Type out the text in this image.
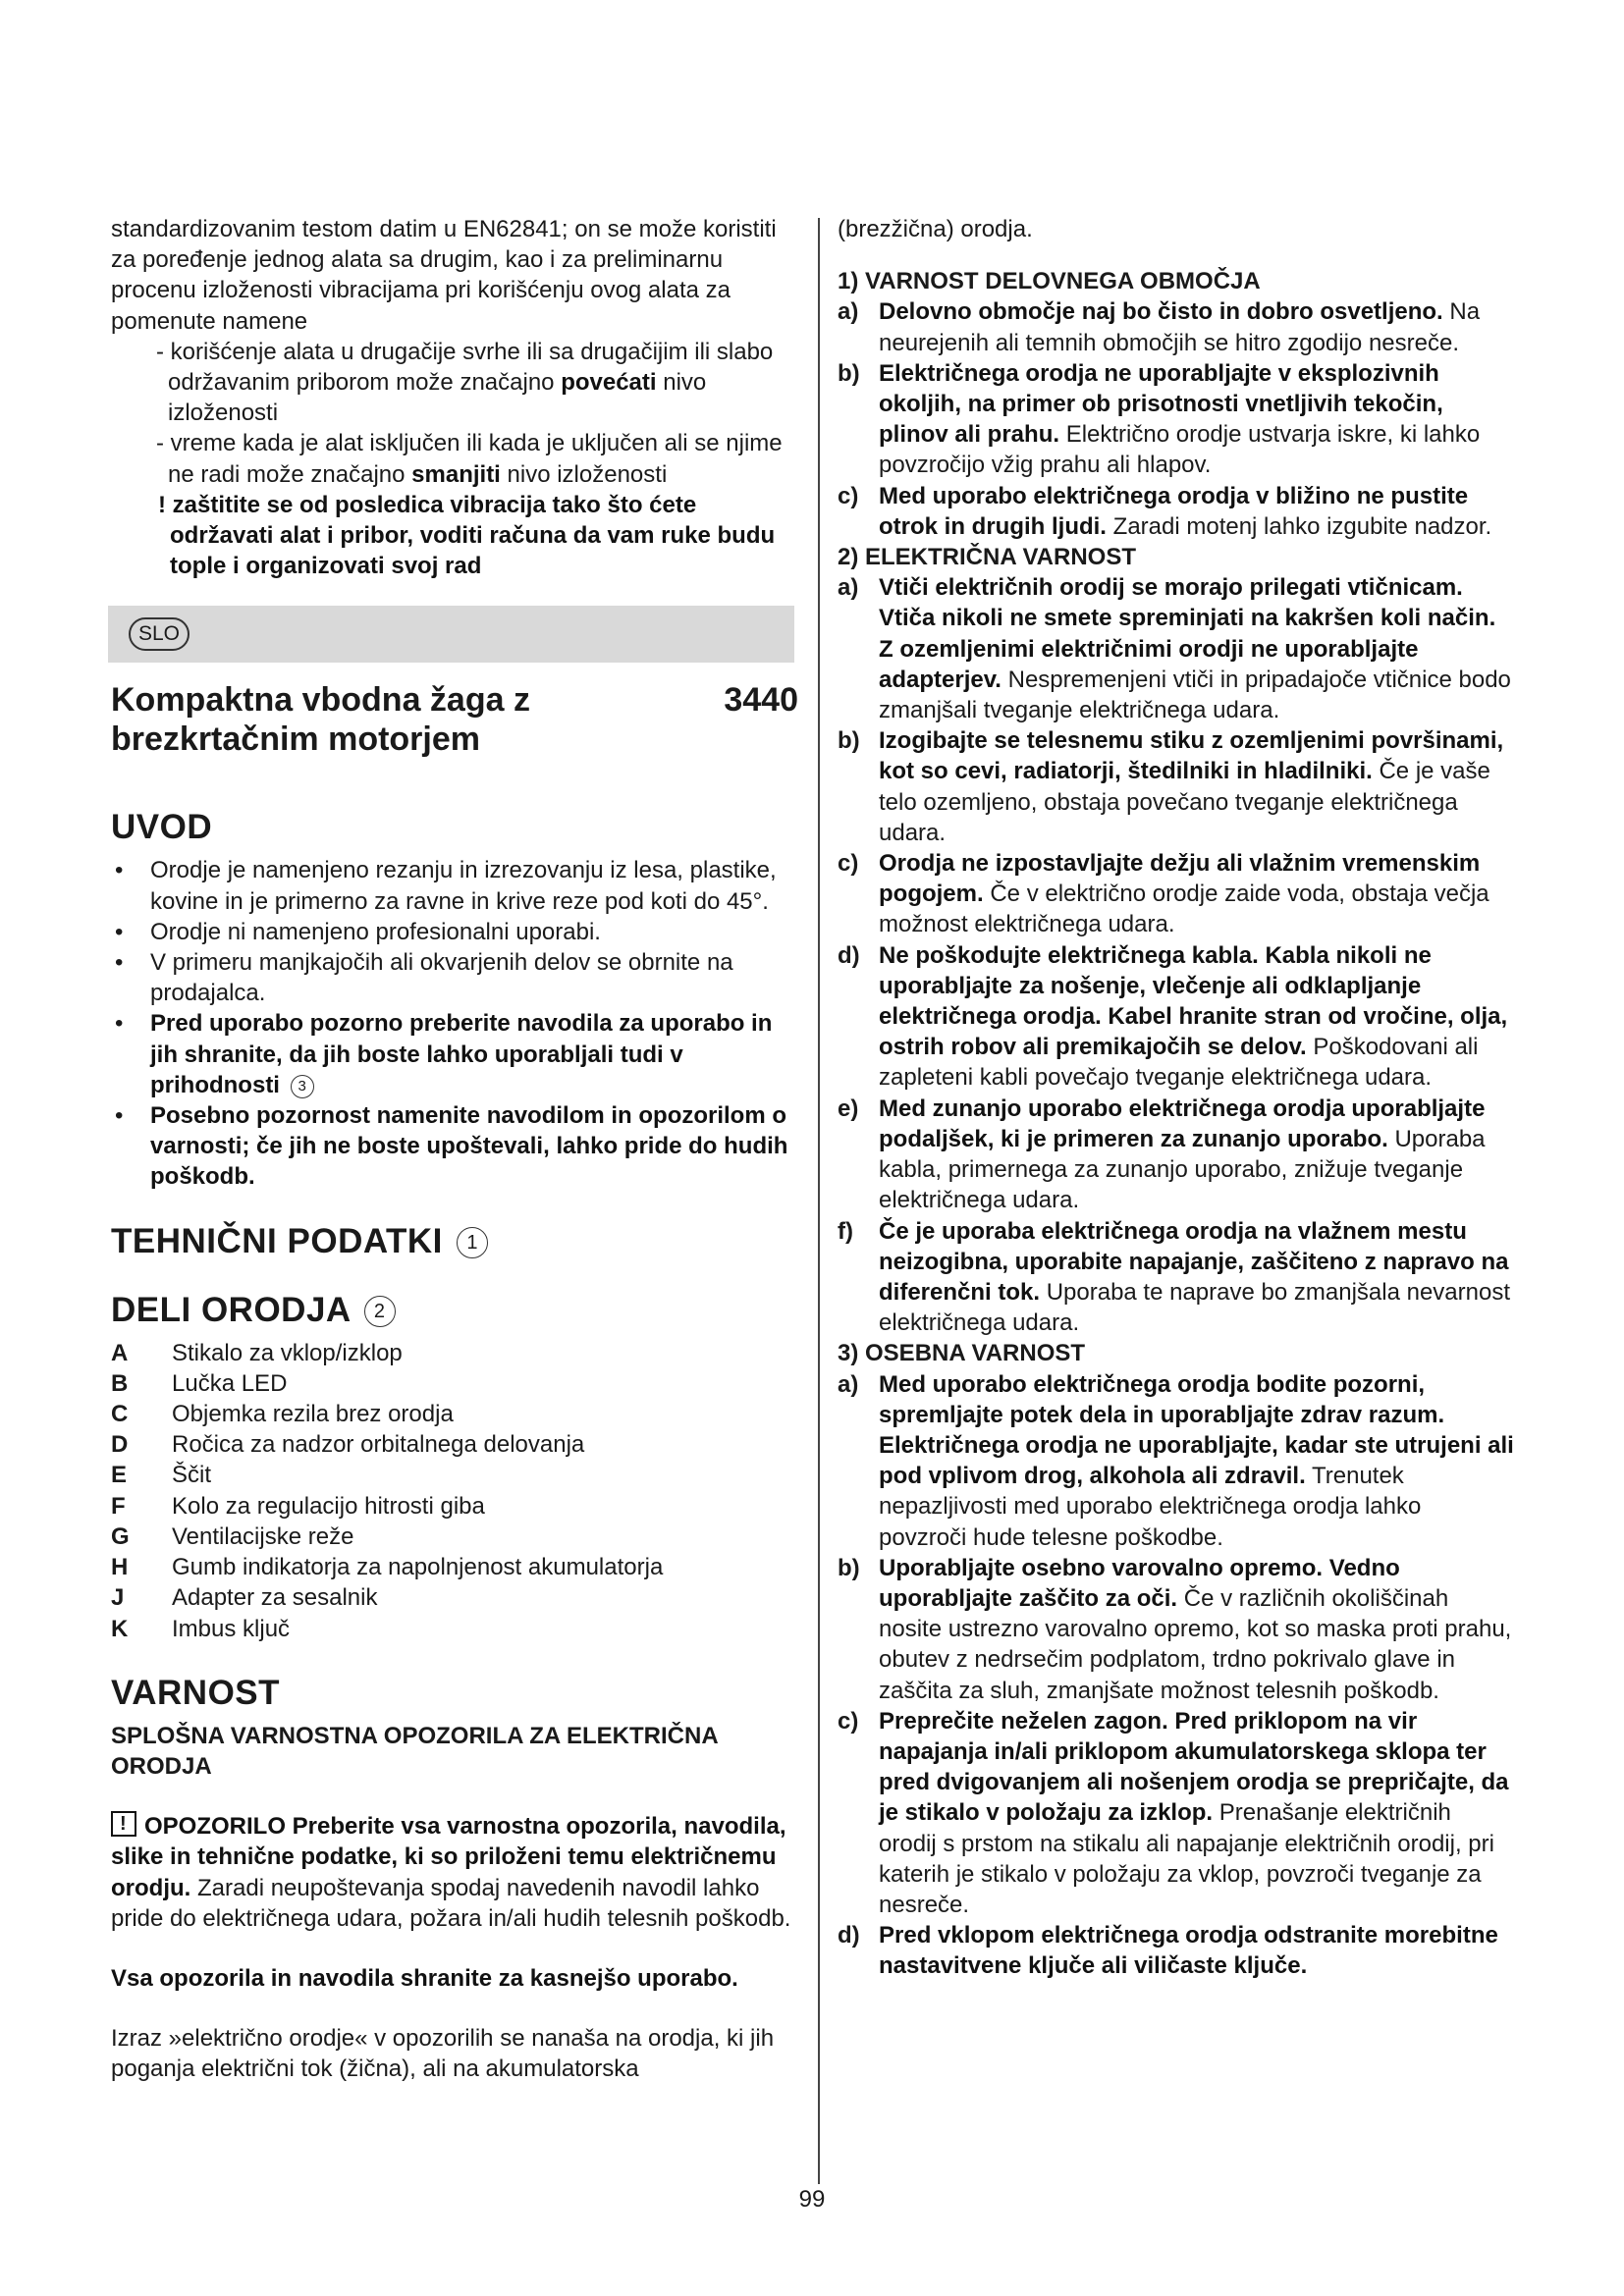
standardizovanim testom datim u EN62841; on se može koristiti za poređenje jednog alata sa drugim, kao i za preliminarnu procenu izloženosti vibracijama pri korišćenju ovog alata za pomenute namene

- korišćenje alata u drugačije svrhe ili sa drugačijim ili slabo održavanim priborom može značajno povećati nivo izloženosti

- vreme kada je alat isključen ili kada je uključen ali se njime ne radi može značajno smanjiti nivo izloženosti

! zaštitite se od posledica vibracija tako što ćete održavati alat i pribor, voditi računa da vam ruke budu tople i organizovati svoj rad

SLO
Kompaktna vbodna žaga z brezkrtačnim motorjem
3440
UVOD
• Orodje je namenjeno rezanju in izrezovanju iz lesa, plastike, kovine in je primerno za ravne in krive reze pod koti do 45°.
• Orodje ni namenjeno profesionalni uporabi.
• V primeru manjkajočih ali okvarjenih delov se obrnite na prodajalca.
• Pred uporabo pozorno preberite navodila za uporabo in jih shranite, da jih boste lahko uporabljali tudi v prihodnosti 3
• Posebno pozornost namenite navodilom in opozorilom o varnosti; če jih ne boste upoštevali, lahko pride do hudih poškodb.
TEHNIČNI PODATKI 1
DELI ORODJA 2
A	Stikalo za vklop/izklop
B	Lučka LED
C	Objemka rezila brez orodja
D	Ročica za nadzor orbitalnega delovanja
E	Ščit
F	Kolo za regulacijo hitrosti giba
G	Ventilacijske reže
H	Gumb indikatorja za napolnjenost akumulatorja
J	Adapter za sesalnik
K	Imbus ključ
VARNOST
SPLOŠNA VARNOSTNA OPOZORILA ZA ELEKTRIČNA ORODJA

!OPOZORILO Preberite vsa varnostna opozorila, navodila, slike in tehnične podatke, ki so priloženi temu električnemu orodju. Zaradi neupoštevanja spodaj navedenih navodil lahko pride do električnega udara, požara in/ali hudih telesnih poškodb.

Vsa opozorila in navodila shranite za kasnejšo uporabo.

Izraz »električno orodje« v opozorilih se nanaša na orodja, ki jih poganja električni tok (žična), ali na akumulatorska

(brezžična) orodja.

1) VARNOST DELOVNEGA OBMOČJA
a) Delovno območje naj bo čisto in dobro osvetljeno. Na neurejenih ali temnih območjih se hitro zgodijo nesreče.
b) Električnega orodja ne uporabljajte v eksplozivnih okoljih, na primer ob prisotnosti vnetljivih tekočin, plinov ali prahu. Električno orodje ustvarja iskre, ki lahko povzročijo vžig prahu ali hlapov.
c) Med uporabo električnega orodja v bližino ne pustite otrok in drugih ljudi. Zaradi motenj lahko izgubite nadzor.
2) ELEKTRIČNA VARNOST
a) Vtiči električnih orodij se morajo prilegati vtičnicam. Vtiča nikoli ne smete spreminjati na kakršen koli način. Z ozemljenimi električnimi orodji ne uporabljajte adapterjev. Nespremenjeni vtiči in pripadajoče vtičnice bodo zmanjšali tveganje električnega udara.
b) Izogibajte se telesnemu stiku z ozemljenimi površinami, kot so cevi, radiatorji, štedilniki in hladilniki. Če je vaše telo ozemljeno, obstaja povečano tveganje električnega udara.
c) Orodja ne izpostavljajte dežju ali vlažnim vremenskim pogojem. Če v električno orodje zaide voda, obstaja večja možnost električnega udara.
d) Ne poškodujte električnega kabla. Kabla nikoli ne uporabljajte za nošenje, vlečenje ali odklapljanje električnega orodja. Kabel hranite stran od vročine, olja, ostrih robov ali premikajočih se delov. Poškodovani ali zapleteni kabli povečajo tveganje električnega udara.
e) Med zunanjo uporabo električnega orodja uporabljajte podaljšek, ki je primeren za zunanjo uporabo. Uporaba kabla, primernega za zunanjo uporabo, znižuje tveganje električnega udara.
f) Če je uporaba električnega orodja na vlažnem mestu neizogibna, uporabite napajanje, zaščiteno z napravo na diferenčni tok. Uporaba te naprave bo zmanjšala nevarnost električnega udara.
3) OSEBNA VARNOST
a) Med uporabo električnega orodja bodite pozorni, spremljajte potek dela in uporabljajte zdrav razum. Električnega orodja ne uporabljajte, kadar ste utrujeni ali pod vplivom drog, alkohola ali zdravil. Trenutek nepazljivosti med uporabo električnega orodja lahko povzroči hude telesne poškodbe.
b) Uporabljajte osebno varovalno opremo. Vedno uporabljajte zaščito za oči. Če v različnih okoliščinah nosite ustrezno varovalno opremo, kot so maska proti prahu, obutev z nedrsečim podplatom, trdno pokrivalo glave in zaščita za sluh, zmanjšate možnost telesnih poškodb.
c) Preprečite neželen zagon. Pred priklopom na vir napajanja in/ali priklopom akumulatorskega sklopa ter pred dvigovanjem ali nošenjem orodja se prepričajte, da je stikalo v položaju za izklop. Prenašanje električnih orodij s prstom na stikalu ali napajanje električnih orodij, pri katerih je stikalo v položaju za vklop, povzroči tveganje za nesreče.
d) Pred vklopom električnega orodja odstranite morebitne nastavitvene ključe ali viličaste ključe.
99
